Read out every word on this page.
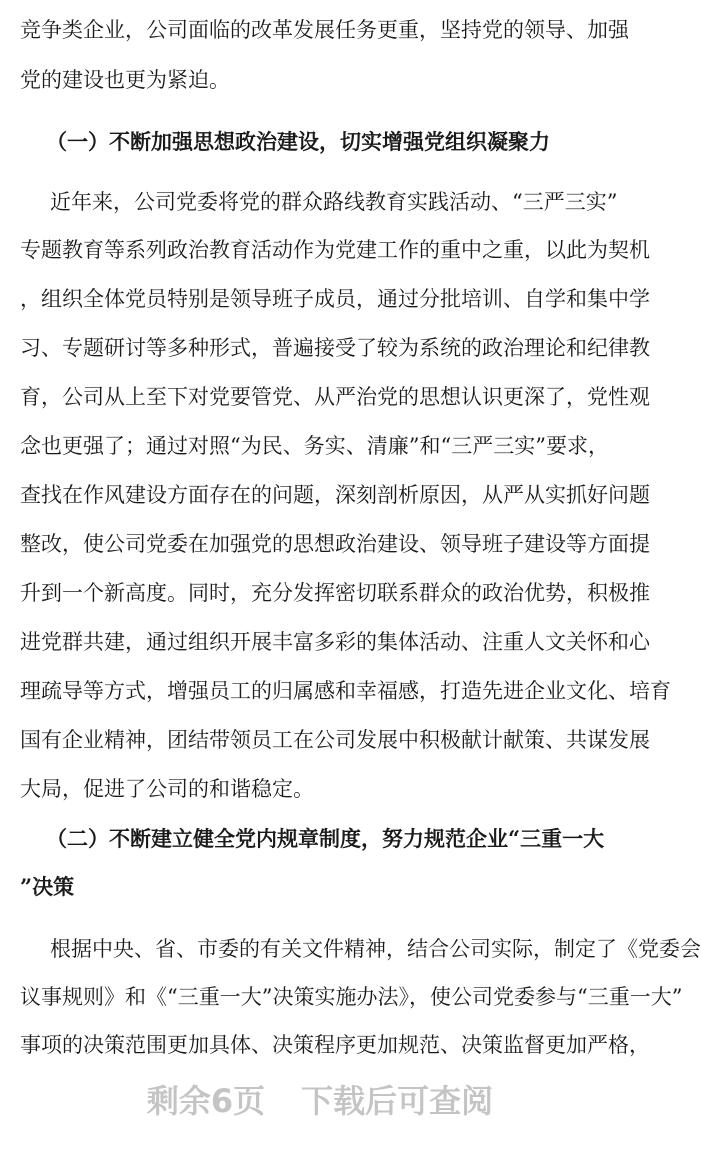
竞争类企业，公司面临的改革发展任务更重，坚持党的领导、加强
党的建设也更为紧迫。
（一）不断加强思想政治建设，切实增强党组织凝聚力
近年来，公司党委将党的群众路线教育实践活动、“三严三实”
专题教育等系列政治教育活动作为党建工作的重中之重，以此为契机
，组织全体党员特别是领导班子成员，通过分批培训、自学和集中学
习、专题研讨等多种形式，普遍接受了较为系统的政治理论和纪律教
育，公司从上至下对党要管党、从严治党的思想认识更深了，党性观
念也更强了；通过对照“为民、务实、清廉”和“三严三实”要求，
查找在作风建设方面存在的问题，深刻剖析原因，从严从实抓好问题
整改，使公司党委在加强党的思想政治建设、领导班子建设等方面提
升到一个新高度。同时，充分发挥密切联系群众的政治优势，积极推
进党群共建，通过组织开展丰富多彩的集体活动、注重人文关怀和心
理疏导等方式，增强员工的归属感和幸福感，打造先进企业文化、培育
国有企业精神，团结带领员工在公司发展中积极献计献策、共谋发展
大局，促进了公司的和谐稳定。
（二）不断建立健全党内规章制度，努力规范企业“三重一大
”决策
根据中央、省、市委的有关文件精神，结合公司实际，制定了《党委会
议事规则》和《“三重一大”决策实施办法》，使公司党委参与“三重一大”
事项的决策范围更加具体、决策程序更加规范、决策监督更加严格，
剩余6页 下载后可查阅
